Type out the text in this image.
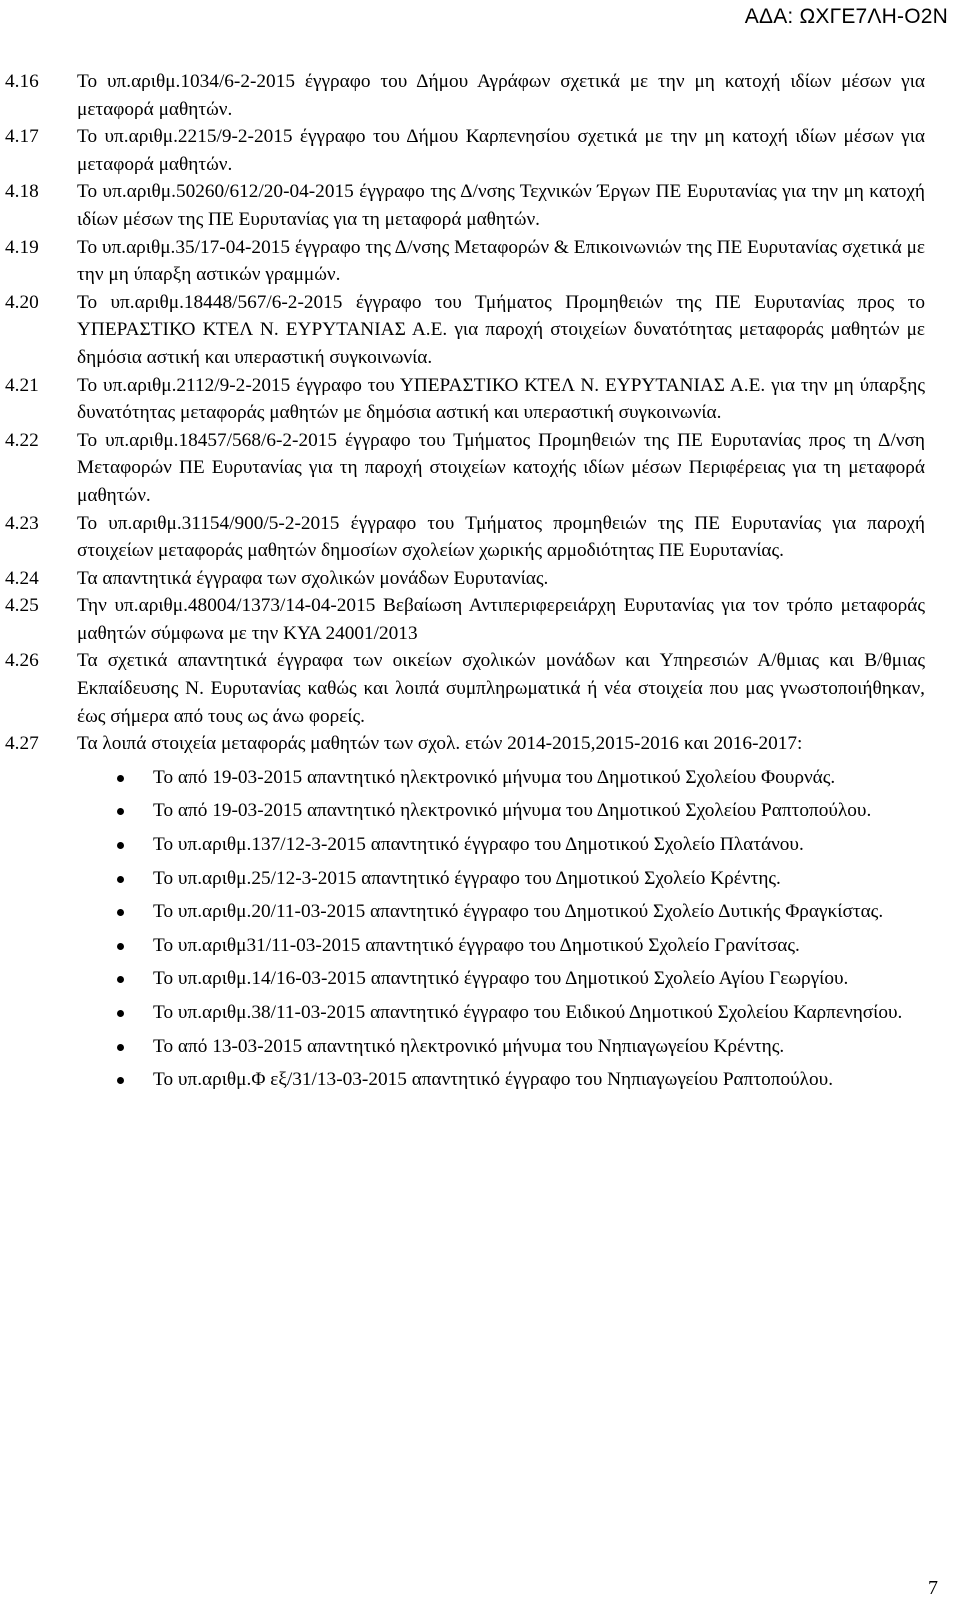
ΑΔΑ: ΩΧΓΕ7ΛΗ-Ο2Ν
4.16	Το υπ.αριθμ.1034/6-2-2015 έγγραφο του Δήμου Αγράφων σχετικά με την μη κατοχή ιδίων μέσων για μεταφορά μαθητών.
4.17	Το υπ.αριθμ.2215/9-2-2015 έγγραφο του Δήμου Καρπενησίου σχετικά με την μη κατοχή ιδίων μέσων για μεταφορά μαθητών.
4.18	Το υπ.αριθμ.50260/612/20-04-2015 έγγραφο της Δ/νσης Τεχνικών Έργων ΠΕ Ευρυτανίας για την μη κατοχή ιδίων μέσων της ΠΕ Ευρυτανίας για τη μεταφορά μαθητών.
4.19	Το υπ.αριθμ.35/17-04-2015 έγγραφο της Δ/νσης Μεταφορών & Επικοινωνιών της ΠΕ Ευρυτανίας σχετικά με την μη ύπαρξη αστικών γραμμών.
4.20	Το υπ.αριθμ.18448/567/6-2-2015 έγγραφο του Τμήματος Προμηθειών της ΠΕ Ευρυτανίας προς το ΥΠΕΡΑΣΤΙΚΟ ΚΤΕΛ Ν. ΕΥΡΥΤΑΝΙΑΣ Α.Ε. για παροχή στοιχείων δυνατότητας μεταφοράς μαθητών με δημόσια αστική και υπεραστική συγκοινωνία.
4.21	Το υπ.αριθμ.2112/9-2-2015 έγγραφο του ΥΠΕΡΑΣΤΙΚΟ ΚΤΕΛ Ν. ΕΥΡΥΤΑΝΙΑΣ Α.Ε. για την μη ύπαρξης δυνατότητας μεταφοράς μαθητών με δημόσια αστική και υπεραστική συγκοινωνία.
4.22	Το υπ.αριθμ.18457/568/6-2-2015 έγγραφο του Τμήματος Προμηθειών της ΠΕ Ευρυτανίας προς τη Δ/νση Μεταφορών ΠΕ Ευρυτανίας για τη παροχή στοιχείων κατοχής ιδίων μέσων Περιφέρειας για τη μεταφορά μαθητών.
4.23	Το υπ.αριθμ.31154/900/5-2-2015 έγγραφο του Τμήματος προμηθειών της ΠΕ Ευρυτανίας για παροχή στοιχείων μεταφοράς μαθητών δημοσίων σχολείων χωρικής αρμοδιότητας ΠΕ Ευρυτανίας.
4.24	Τα απαντητικά έγγραφα των σχολικών μονάδων Ευρυτανίας.
4.25	Την υπ.αριθμ.48004/1373/14-04-2015 Βεβαίωση Αντιπεριφερειάρχη Ευρυτανίας για τον τρόπο μεταφοράς μαθητών σύμφωνα με την ΚΥΑ 24001/2013
4.26	Τα σχετικά απαντητικά έγγραφα των οικείων σχολικών μονάδων και Υπηρεσιών Α/θμιας και Β/θμιας Εκπαίδευσης Ν. Ευρυτανίας καθώς και λοιπά συμπληρωματικά ή νέα στοιχεία που μας γνωστοποιήθηκαν, έως σήμερα από τους ως άνω φορείς.
4.27	Τα λοιπά στοιχεία μεταφοράς μαθητών των σχολ. ετών 2014-2015,2015-2016 και 2016-2017:
Το από 19-03-2015 απαντητικό ηλεκτρονικό μήνυμα του Δημοτικού Σχολείου Φουρνάς.
Το από 19-03-2015 απαντητικό ηλεκτρονικό μήνυμα του Δημοτικού Σχολείου Ραπτοπούλου.
Το υπ.αριθμ.137/12-3-2015 απαντητικό έγγραφο του Δημοτικού Σχολείο Πλατάνου.
Το υπ.αριθμ.25/12-3-2015 απαντητικό έγγραφο του Δημοτικού Σχολείο Κρέντης.
Το υπ.αριθμ.20/11-03-2015 απαντητικό έγγραφο του Δημοτικού Σχολείο Δυτικής Φραγκίστας.
Το υπ.αριθμ31/11-03-2015 απαντητικό έγγραφο του Δημοτικού Σχολείο Γρανίτσας.
Το υπ.αριθμ.14/16-03-2015 απαντητικό έγγραφο του Δημοτικού Σχολείο Αγίου Γεωργίου.
Το υπ.αριθμ.38/11-03-2015 απαντητικό έγγραφο του Ειδικού Δημοτικού Σχολείου Καρπενησίου.
Το από 13-03-2015 απαντητικό ηλεκτρονικό μήνυμα του Νηπιαγωγείου Κρέντης.
Το υπ.αριθμ.Φ εξ/31/13-03-2015 απαντητικό έγγραφο του Νηπιαγωγείου Ραπτοπούλου.
7
